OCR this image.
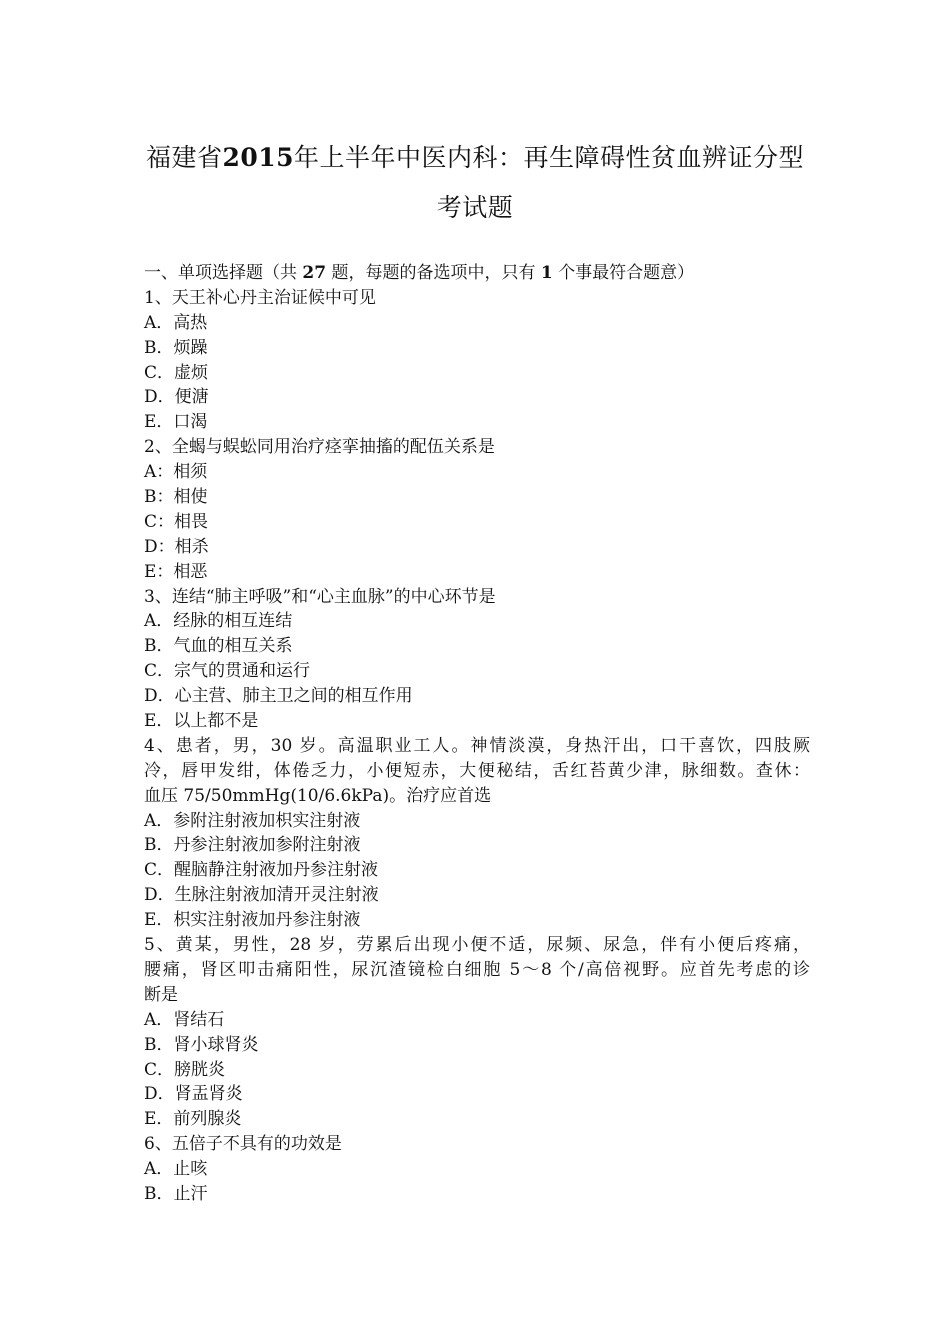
福建省2015年上半年中医内科：再生障碍性贫血辨证分型
考试题
一、单项选择题（共 27 题，每题的备选项中，只有 1 个事最符合题意）
1、天王补心丹主治证候中可见
A．高热
B．烦躁
C．虚烦
D．便溏
E．口渴
2、全蝎与蜈蚣同用治疗痉挛抽搐的配伍关系是
A：相须
B：相使
C：相畏
D：相杀
E：相恶
3、连结“肺主呼吸”和“心主血脉”的中心环节是
A．经脉的相互连结
B．气血的相互关系
C．宗气的贯通和运行
D．心主营、肺主卫之间的相互作用
E．以上都不是
4、患者，男，30 岁。高温职业工人。神情淡漠，身热汗出，口干喜饮，四肢厥
冷，唇甲发绀，体倦乏力，小便短赤，大便秘结，舌红苔黄少津，脉细数。查休：
血压 75/50mmHg(10/6.6kPa)。治疗应首选
A．参附注射液加枳实注射液
B．丹参注射液加参附注射液
C．醒脑静注射液加丹参注射液
D．生脉注射液加清开灵注射液
E．枳实注射液加丹参注射液
5、黄某，男性，28 岁，劳累后出现小便不适，尿频、尿急，伴有小便后疼痛，
腰痛，肾区叩击痛阳性，尿沉渣镜检白细胞 5～8 个/高倍视野。应首先考虑的诊
断是
A．肾结石
B．肾小球肾炎
C．膀胱炎
D．肾盂肾炎
E．前列腺炎
6、五倍子不具有的功效是
A．止咳
B．止汗
